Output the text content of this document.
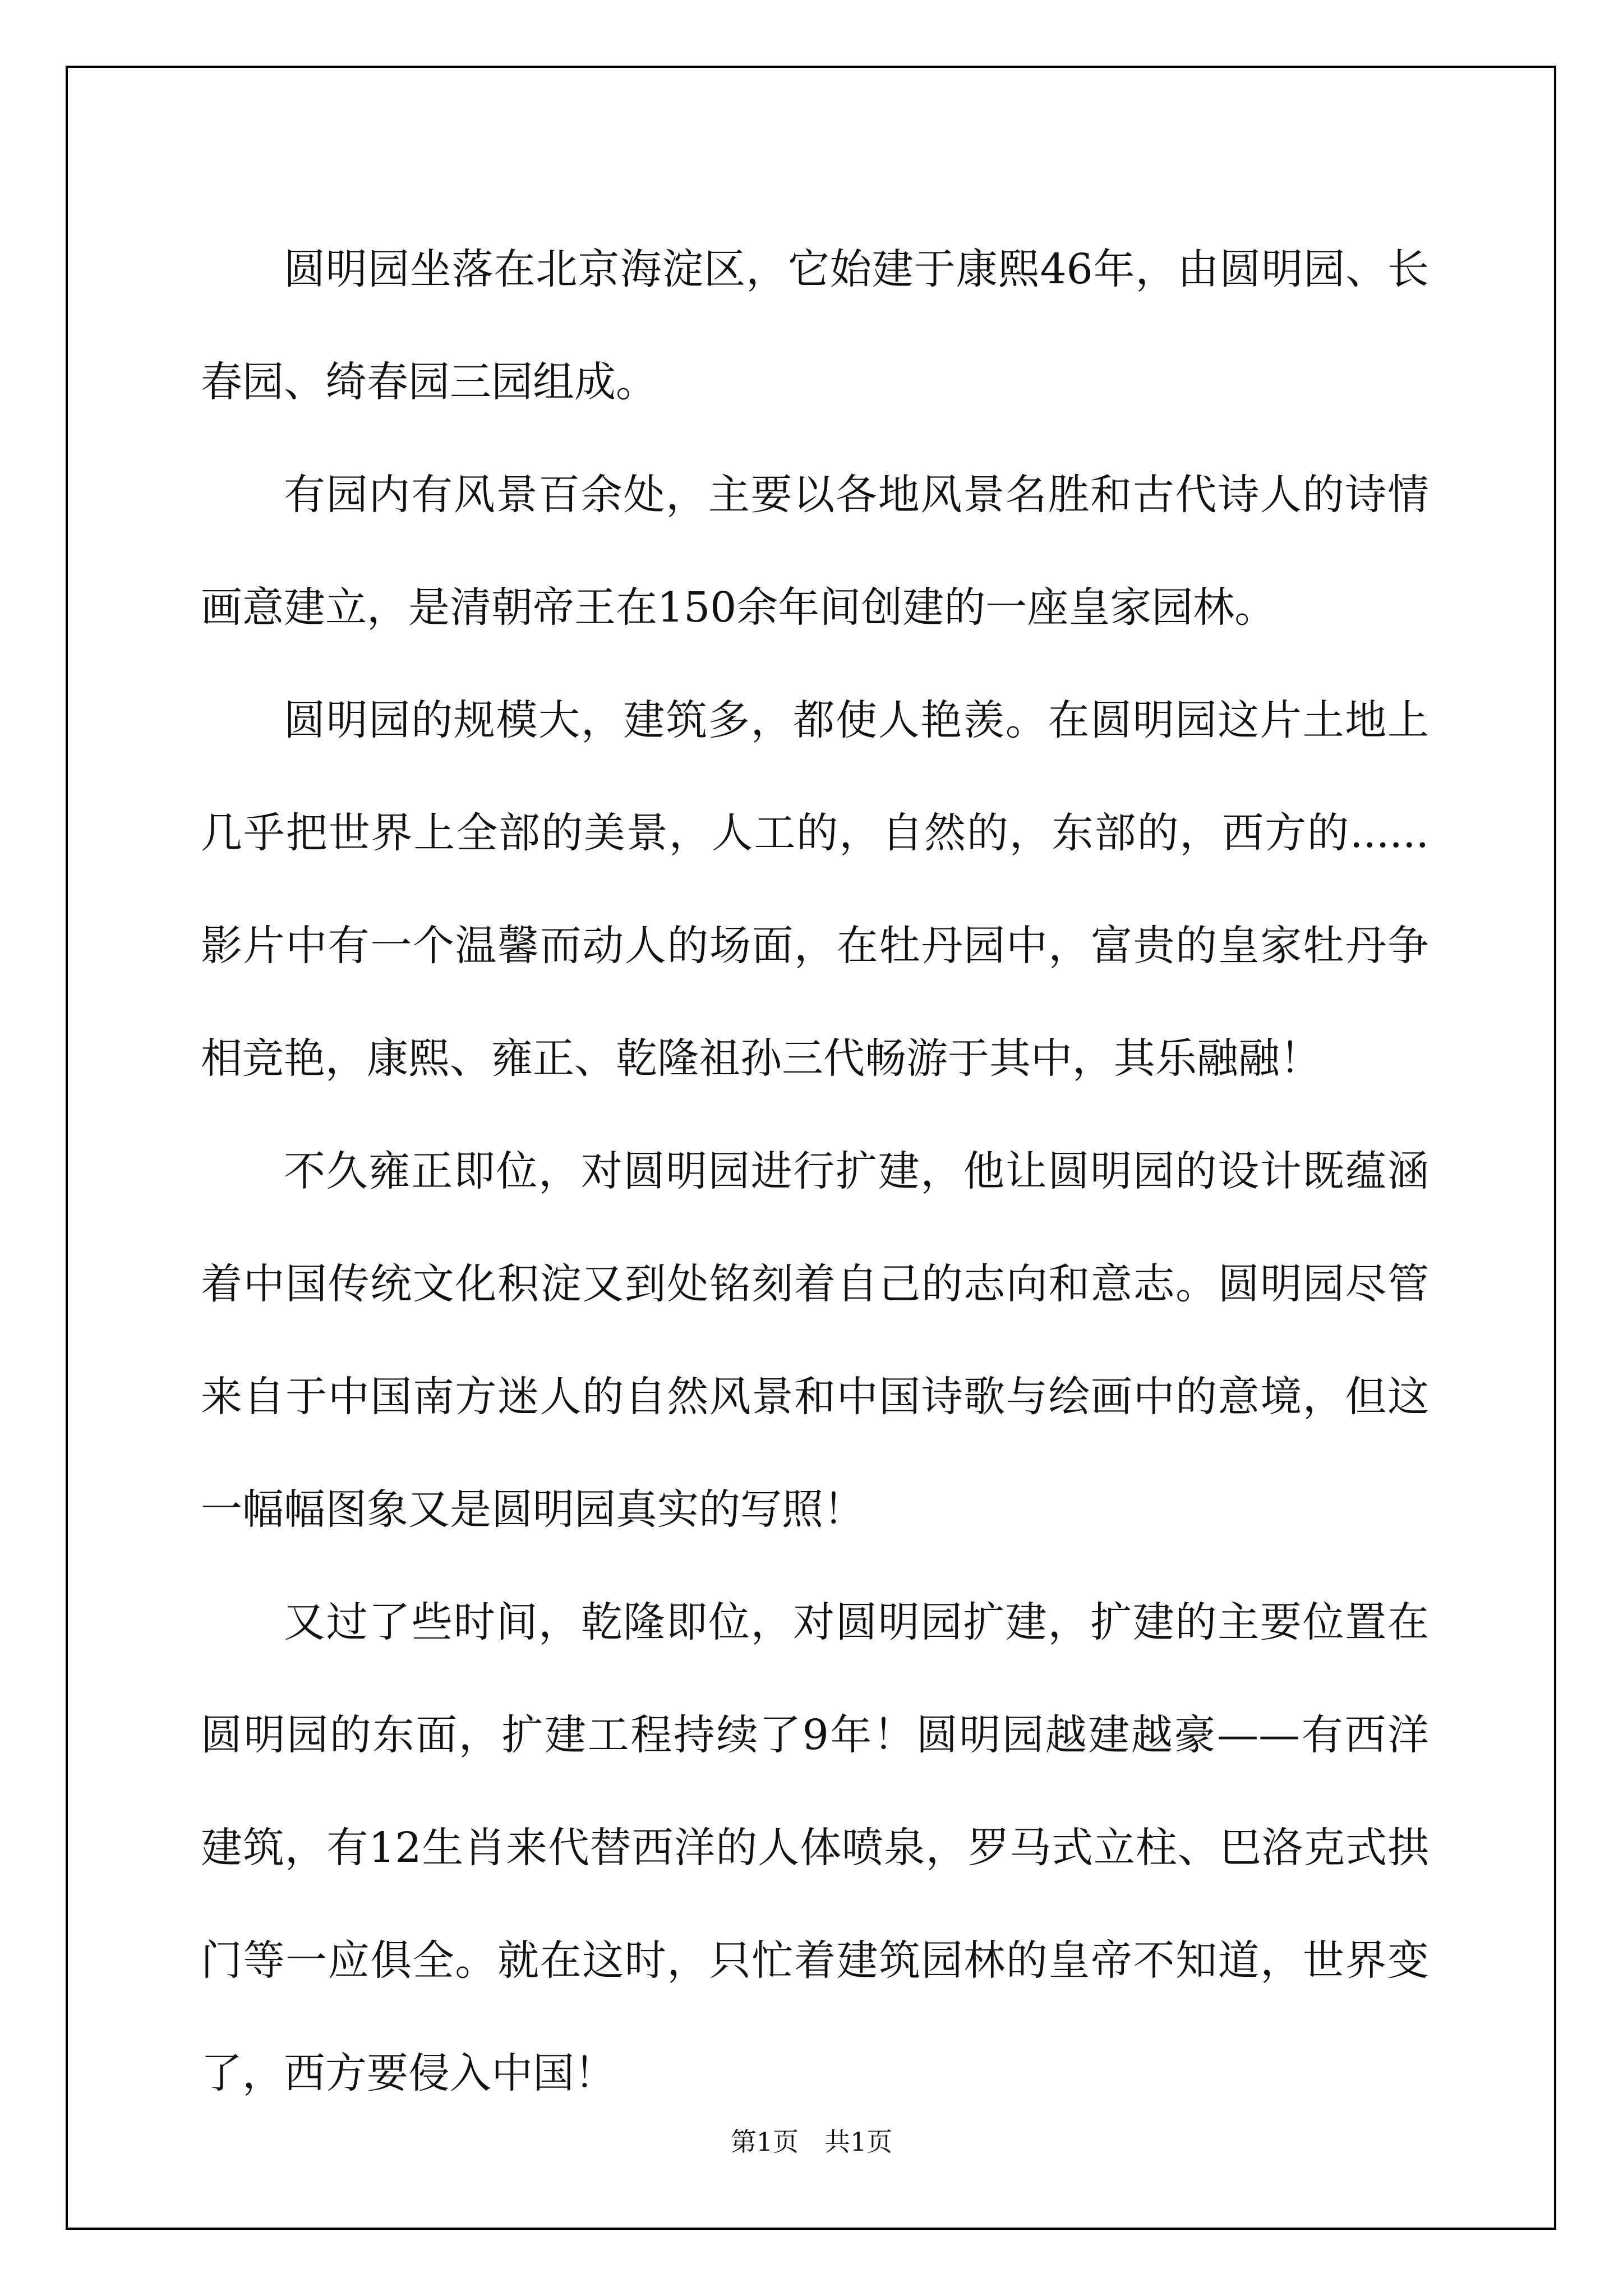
圆明园坐落在北京海淀区，它始建于康熙46年，由圆明园、长春园、绮春园三园组成。

有园内有风景百余处，主要以各地风景名胜和古代诗人的诗情画意建立，是清朝帝王在150余年间创建的一座皇家园林。

圆明园的规模大，建筑多，都使人艳羡。在圆明园这片土地上几乎把世界上全部的美景，人工的，自然的，东部的，西方的......影片中有一个温馨而动人的场面，在牡丹园中，富贵的皇家牡丹争相竞艳，康熙、雍正、乾隆祖孙三代畅游于其中，其乐融融！

不久雍正即位，对圆明园进行扩建，他让圆明园的设计既蕴涵着中国传统文化积淀又到处铭刻着自己的志向和意志。圆明园尽管来自于中国南方迷人的自然风景和中国诗歌与绘画中的意境，但这一幅幅图象又是圆明园真实的写照！

又过了些时间，乾隆即位，对圆明园扩建，扩建的主要位置在圆明园的东面，扩建工程持续了9年！圆明园越建越豪——有西洋建筑，有12生肖来代替西洋的人体喷泉，罗马式立柱、巴洛克式拱门等一应俱全。就在这时，只忙着建筑园林的皇帝不知道，世界变了，西方要侵入中国！

第1页 共1页
